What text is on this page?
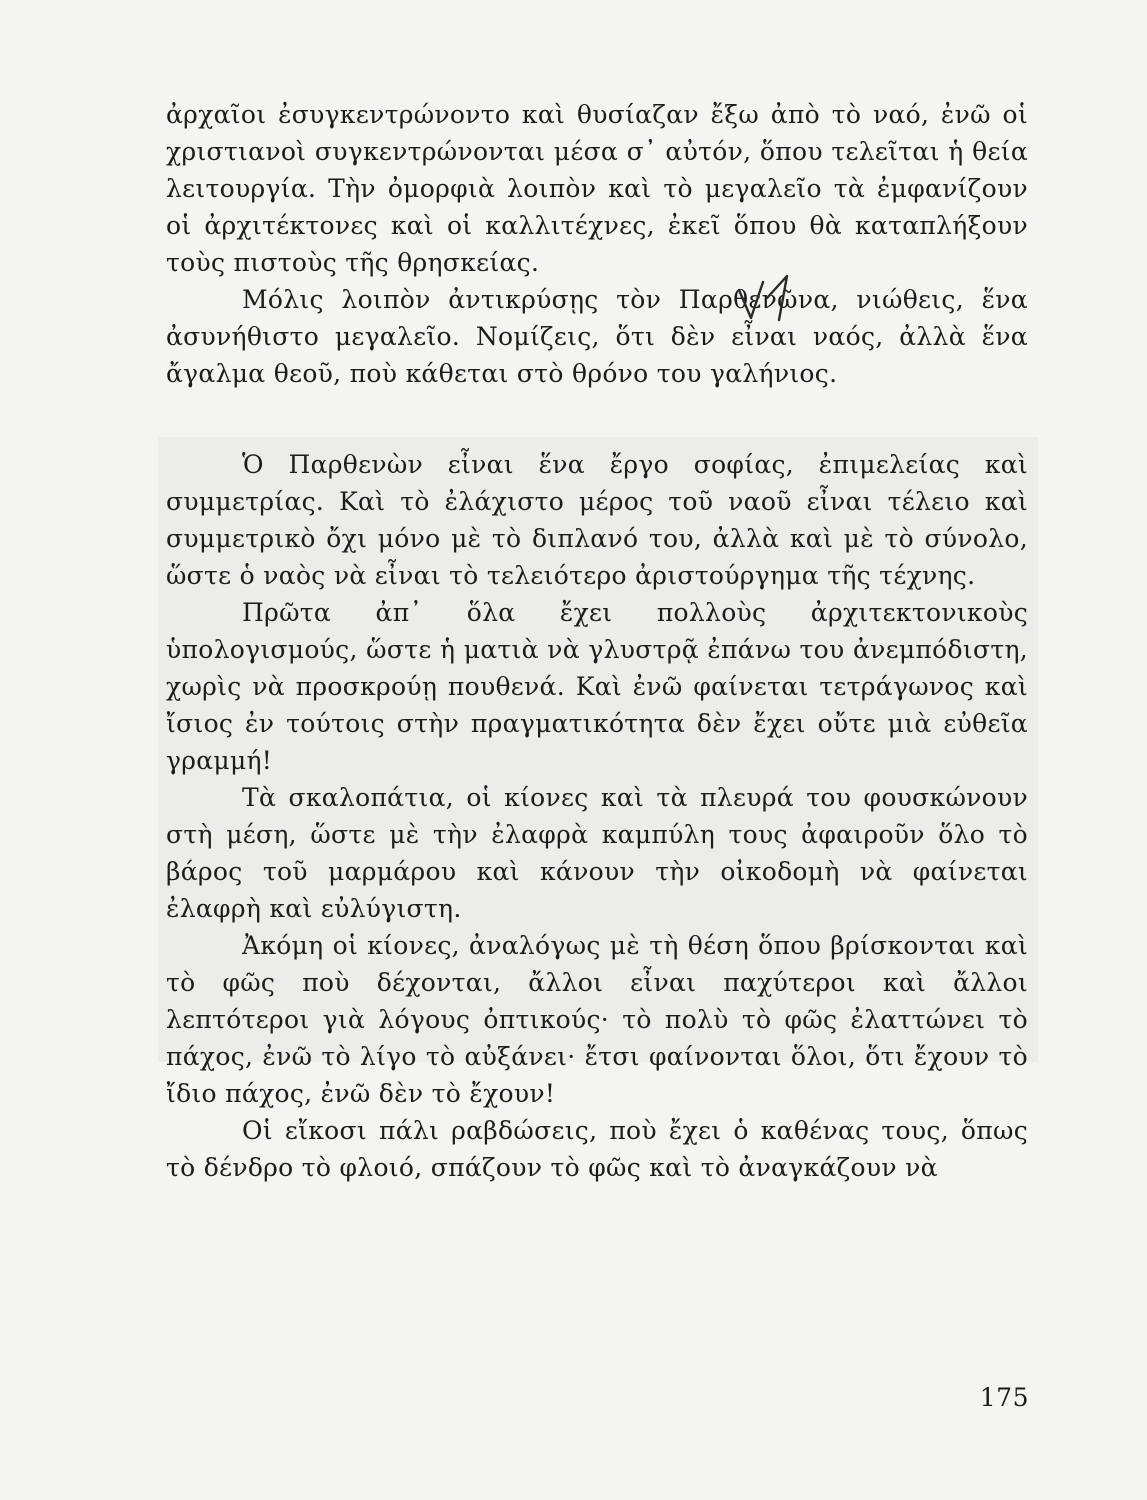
ἀρχαῖοι ἐσυγκεντρώνοντο καὶ θυσίαζαν ἔξω ἀπὸ τὸ ναό, ἐνῶ οἱ χριστιανοὶ συγκεντρώνονται μέσα σ᾽ αὐτόν, ὅπου τελεῖται ἡ θεία λειτουργία. Τὴν ὀμορφιὰ λοιπὸν καὶ τὸ μεγαλεῖο τὰ ἐμφανίζουν οἱ ἀρχιτέκτονες καὶ οἱ καλλιτέχνες, ἐκεῖ ὅπου θὰ καταπλήξουν τοὺς πιστοὺς τῆς θρησκείας.

Μόλις λοιπὸν ἀντικρύσῃς τὸν Παρθενῶνα, νιώθεις, ἕνα ἀσυνήθιστο μεγαλεῖο. Νομίζεις, ὅτι δὲν εἶναι ναός, ἀλλὰ ἕνα ἄγαλμα θεοῦ, ποὺ κάθεται στὸ θρόνο του γαλήνιος.

Ὁ Παρθενὼν εἶναι ἕνα ἔργο σοφίας, ἐπιμελείας καὶ συμμετρίας. Καὶ τὸ ἐλάχιστο μέρος τοῦ ναοῦ εἶναι τέλειο καὶ συμμετρικὸ ὄχι μόνο μὲ τὸ διπλανό του, ἀλλὰ καὶ μὲ τὸ σύνολο, ὥστε ὁ ναὸς νὰ εἶναι τὸ τελειότερο ἀριστούργημα τῆς τέχνης.

Πρῶτα ἀπ᾽ ὅλα ἔχει πολλοὺς ἀρχιτεκτονικοὺς ὑπολογισμούς, ὥστε ἡ ματιὰ νὰ γλυστρᾷ ἐπάνω του ἀνεμπόδιστη, χωρὶς νὰ προσκρούῃ πουθενά. Καὶ ἐνῶ φαίνεται τετράγωνος καὶ ἴσιος ἐν τούτοις στὴν πραγματικότητα δὲν ἔχει οὔτε μιὰ εὐθεῖα γραμμή!

Τὰ σκαλοπάτια, οἱ κίονες καὶ τὰ πλευρά του φουσκώνουν στὴ μέση, ὥστε μὲ τὴν ἐλαφρὰ καμπύλη τους ἀφαιροῦν ὅλο τὸ βάρος τοῦ μαρμάρου καὶ κάνουν τὴν οἰκοδομὴ νὰ φαίνεται ἐλαφρὴ καὶ εὐλύγιστη.

Ἀκόμη οἱ κίονες, ἀναλόγως μὲ τὴ θέση ὅπου βρίσκονται καὶ τὸ φῶς ποὺ δέχονται, ἄλλοι εἶναι παχύτεροι καὶ ἄλλοι λεπτότεροι γιὰ λόγους ὀπτικούς· τὸ πολὺ τὸ φῶς ἐλαττώνει τὸ πάχος, ἐνῶ τὸ λίγο τὸ αὐξάνει· ἔτσι φαίνονται ὅλοι, ὅτι ἔχουν τὸ ἴδιο πάχος, ἐνῶ δὲν τὸ ἔχουν!

Οἱ εἴκοσι πάλι ραβδώσεις, ποὺ ἔχει ὁ καθένας τους, ὅπως τὸ δένδρο τὸ φλοιό, σπάζουν τὸ φῶς καὶ τὸ ἀναγκάζουν νὰ

175
